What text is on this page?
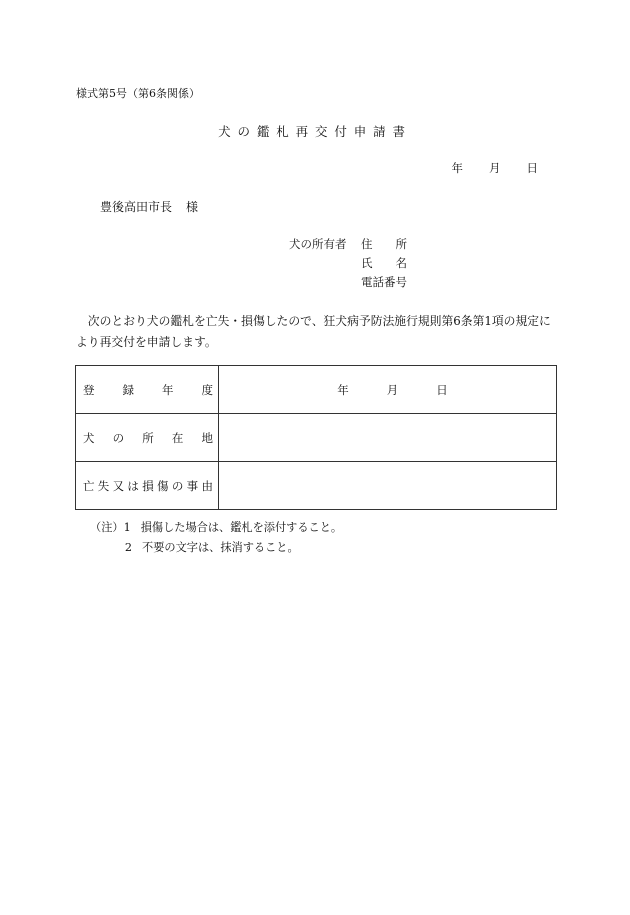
様式第5号（第6条関係）
犬の鑑札再交付申請書
年 月 日
豊後高田市長 様
犬の所有者 住　　所
氏　　名
電話番号
次のとおり犬の鑑札を亡失・損傷したので、狂犬病予防法施行規則第6条第1項の規定により再交付を申請します。
登録年度	年 月 日

犬の所在地	
亡失又は損傷の事由	
（注） 1 損傷した場合は、鑑札を添付すること。
2 不要の文字は、抹消すること。
